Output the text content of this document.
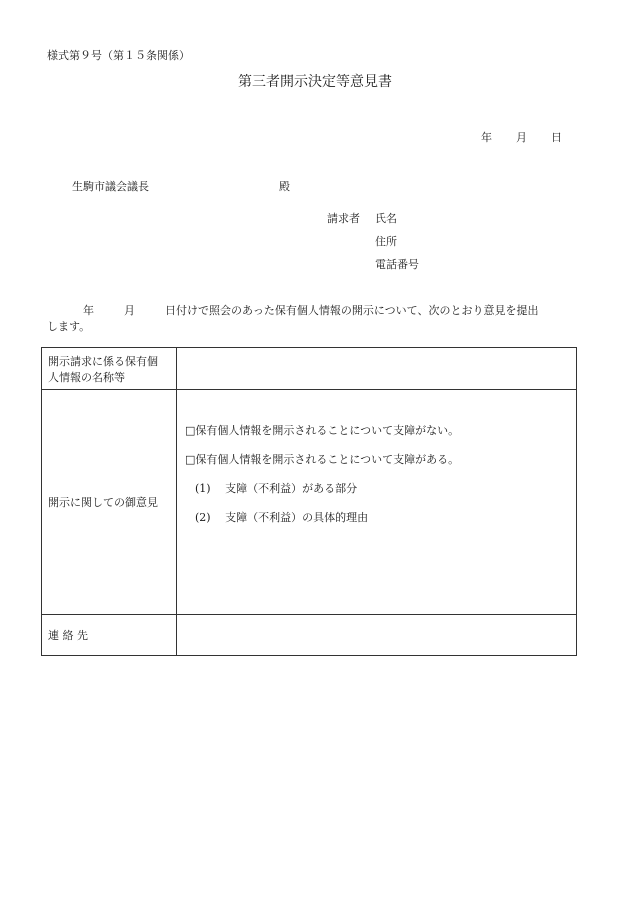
様式第９号（第１５条関係）
第三者開示決定等意見書
年 月 日
生駒市議会議長	殿
請求者 氏名
住所
電話番号
年	月	日付けで照会のあった保有個人情報の開示について、次のとおり意見を提出
します。
開示請求に係る保有個
人情報の名称等	

開示に関しての御意見	□保有個人情報を開示されることについて支障がない。
□保有個人情報を開示されることについて支障がある。
(1)　 支障（不利益）がある部分
(2)　 支障（不利益）の具体的理由

連 絡 先	
